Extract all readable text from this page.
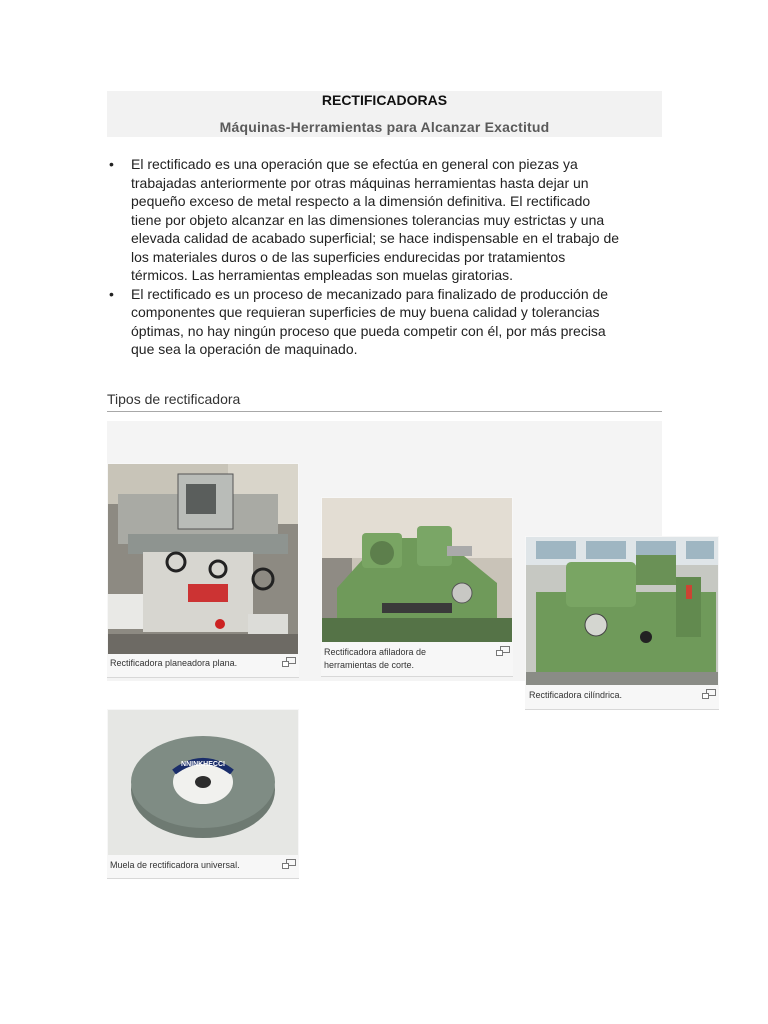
RECTIFICADORAS
Máquinas-Herramientas para Alcanzar Exactitud
• El rectificado es una operación que se efectúa en general con piezas ya
trabajadas anteriormente por otras máquinas herramientas hasta dejar un
pequeño exceso de metal respecto a la dimensión definitiva. El rectificado
tiene por objeto alcanzar en las dimensiones tolerancias muy estrictas y una
elevada calidad de acabado superficial; se hace indispensable en el trabajo de
los materiales duros o de las superficies endurecidas por tratamientos
térmicos. Las herramientas empleadas son muelas giratorias.
• El rectificado es un proceso de mecanizado para finalizado de producción de
componentes que requieran superficies de muy buena calidad y tolerancias
óptimas, no hay ningún proceso que pueda competir con él, por más precisa
que sea la operación de maquinado.
Tipos de rectificadora
Rectificadora planeadora plana.
Rectificadora afiladora de
herramientas de corte.
Rectificadora cilíndrica.
NNINKHECCI
Muela de rectificadora universal.
